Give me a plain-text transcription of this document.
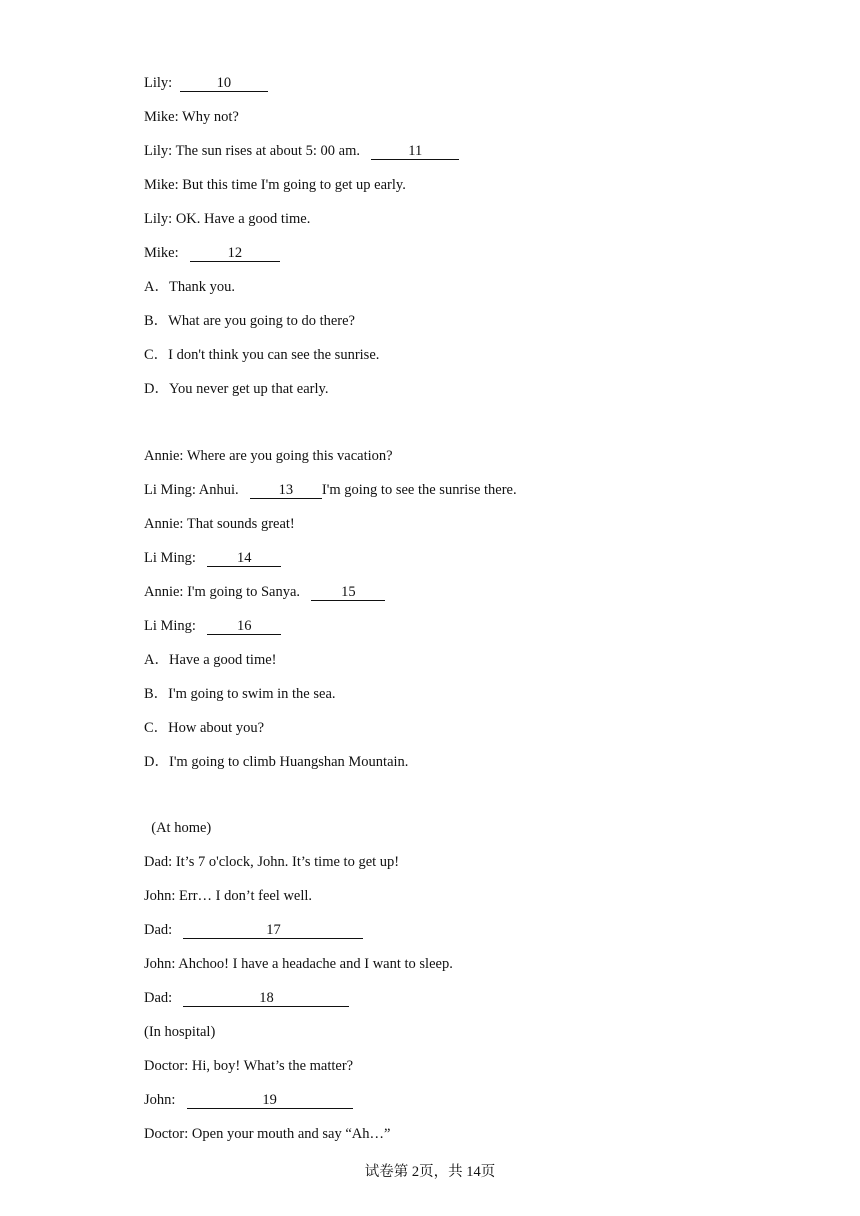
Lily:	10
Mike: Why not?
Lily: The sun rises at about 5: 00 am.	11
Mike: But this time I'm going to get up early.
Lily: OK. Have a good time.
Mike:	12
A．Thank you.
B．What are you going to do there?
C．I don't think you can see the sunrise.
D．You never get up that early.
Annie: Where are you going this vacation?
Li Ming: Anhui.	13 I'm going to see the sunrise there.
Annie: That sounds great!
Li Ming:	14
Annie: I'm going to Sanya.	15
Li Ming:	16
A．Have a good time!
B．I'm going to swim in the sea.
C．How about you?
D．I'm going to climb Huangshan Mountain.
(At home)
Dad: It’s 7 o'clock, John. It’s time to get up!
John: Err… I don’t feel well.
Dad:	17
John: Ahchoo! I have a headache and I want to sleep.
Dad:	18
(In hospital)
Doctor: Hi, boy! What’s the matter?
John:	19
Doctor: Open your mouth and say “Ah…”
试卷第 2页，共 14页
